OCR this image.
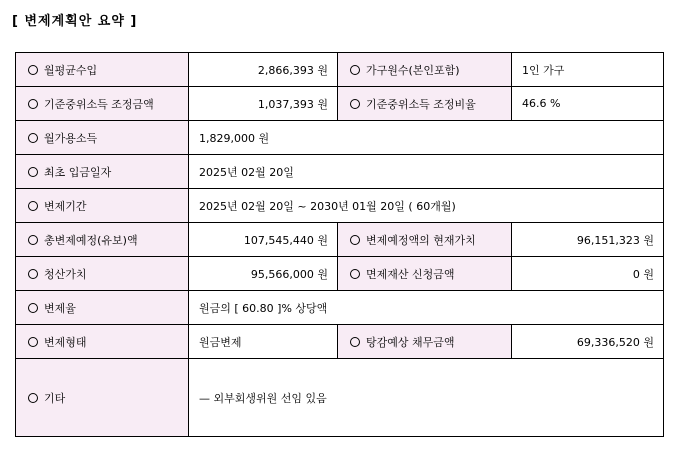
[ 변제계획안 요약 ]
월평균수입	2,866,393 원	가구원수(본인포함)	1인 가구
기준중위소득 조정금액	1,037,393 원	기준중위소득 조정비율	46.6 %
월가용소득	1,829,000 원		
최초 입금일자	2025년 02월 20일		
변제기간	2025년 02월 20일 ~ 2030년 01월 20일 ( 60개월)		
총변제예정(유보)액	107,545,440 원	변제예정액의 현재가치	96,151,323 원
청산가치	95,566,000 원	면제재산 신청금액	0 원
변제율	원금의 [ 60.80 ]% 상당액		
변제형태	원금변제	탕감예상 채무금액	69,336,520 원
기타	— 외부회생위원 선임 있음		
